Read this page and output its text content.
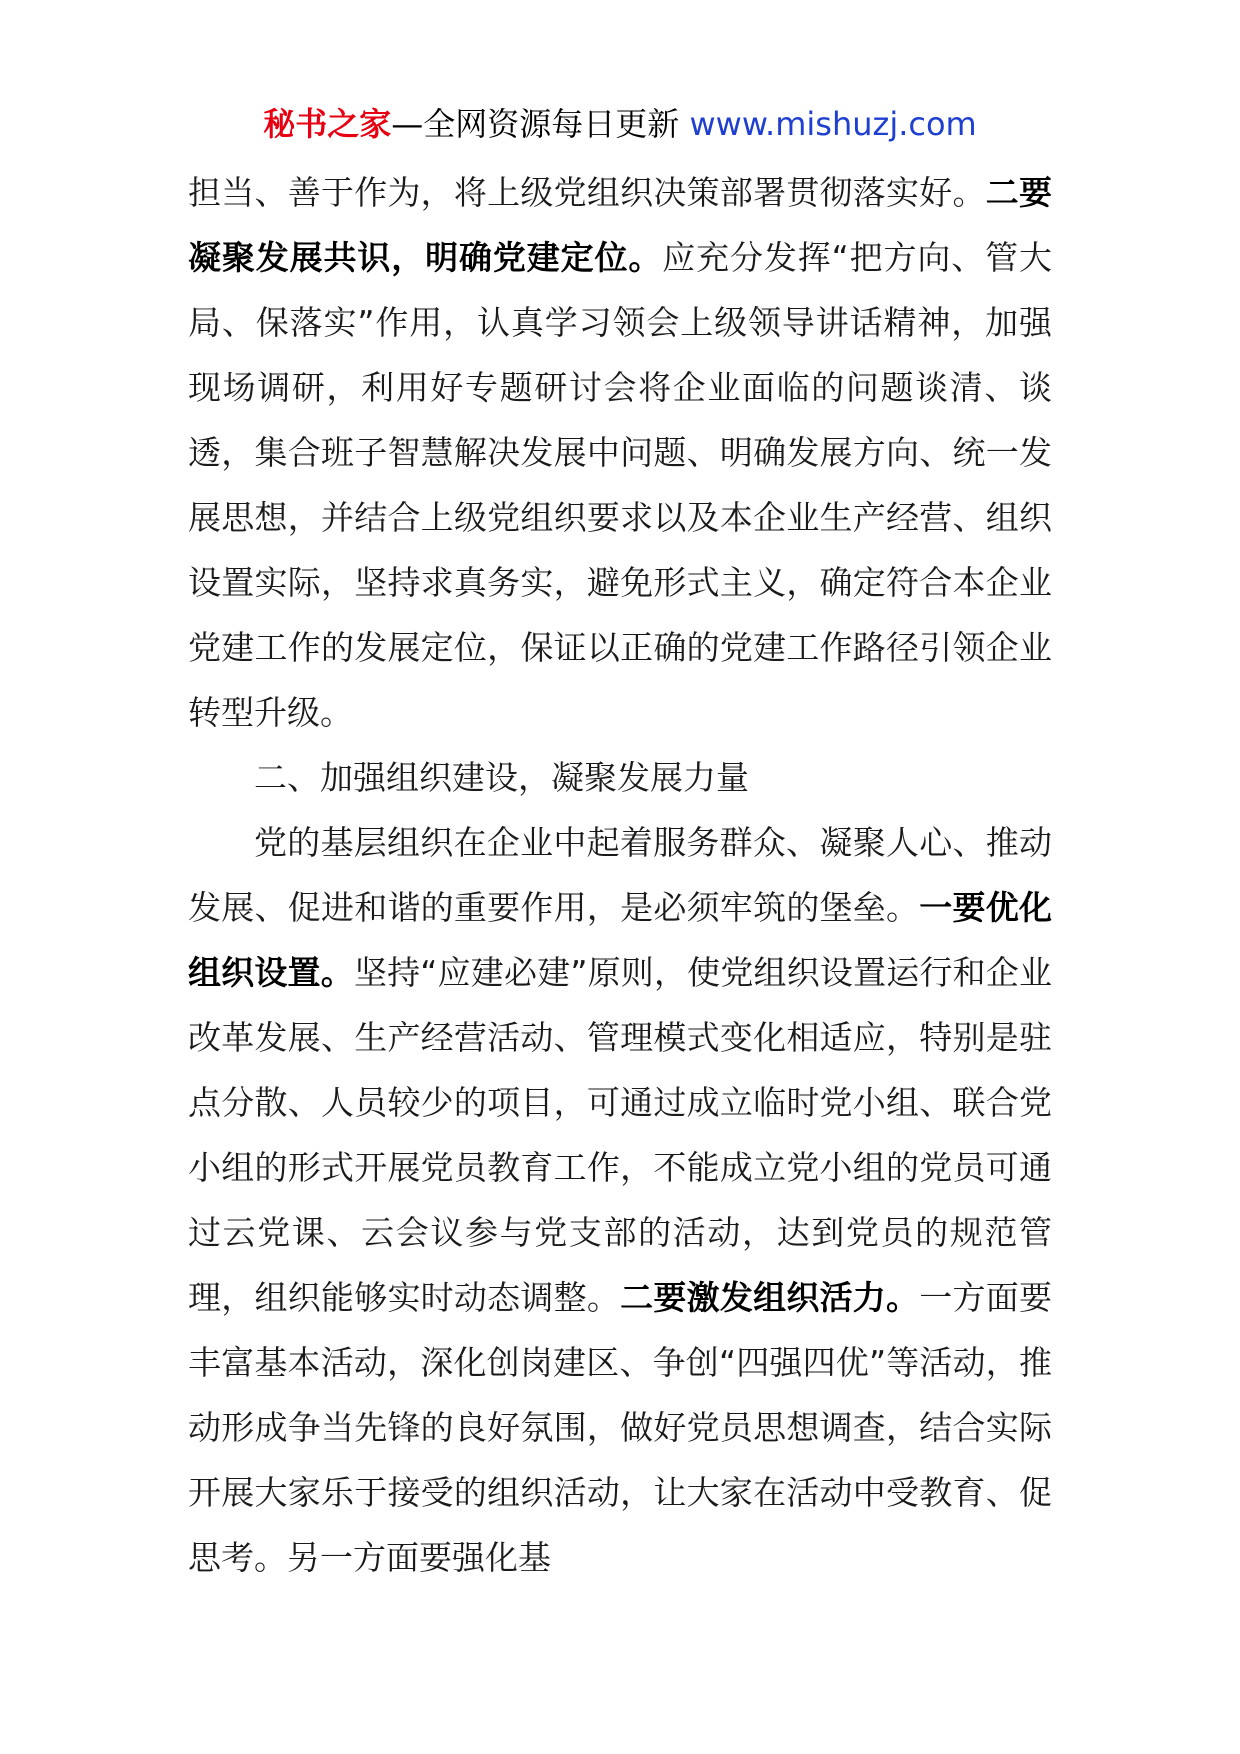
秘书之家—全网资源每日更新 www.mishuzj.com

担当、善于作为，将上级党组织决策部署贯彻落实好。二要凝聚发展共识，明确党建定位。应充分发挥“把方向、管大局、保落实”作用，认真学习领会上级领导讲话精神，加强现场调研，利用好专题研讨会将企业面临的问题谈清、谈透，集合班子智慧解决发展中问题、明确发展方向、统一发展思想，并结合上级党组织要求以及本企业生产经营、组织设置实际，坚持求真务实，避免形式主义，确定符合本企业党建工作的发展定位，保证以正确的党建工作路径引领企业转型升级。

二、加强组织建设，凝聚发展力量

党的基层组织在企业中起着服务群众、凝聚人心、推动发展、促进和谐的重要作用，是必须牢筑的堡垒。一要优化组织设置。坚持“应建必建”原则，使党组织设置运行和企业改革发展、生产经营活动、管理模式变化相适应，特别是驻点分散、人员较少的项目，可通过成立临时党小组、联合党小组的形式开展党员教育工作，不能成立党小组的党员可通过云党课、云会议参与党支部的活动，达到党员的规范管理，组织能够实时动态调整。二要激发组织活力。一方面要丰富基本活动，深化创岗建区、争创“四强四优”等活动，推动形成争当先锋的良好氛围，做好党员思想调查，结合实际开展大家乐于接受的组织活动，让大家在活动中受教育、促思考。另一方面要强化基
